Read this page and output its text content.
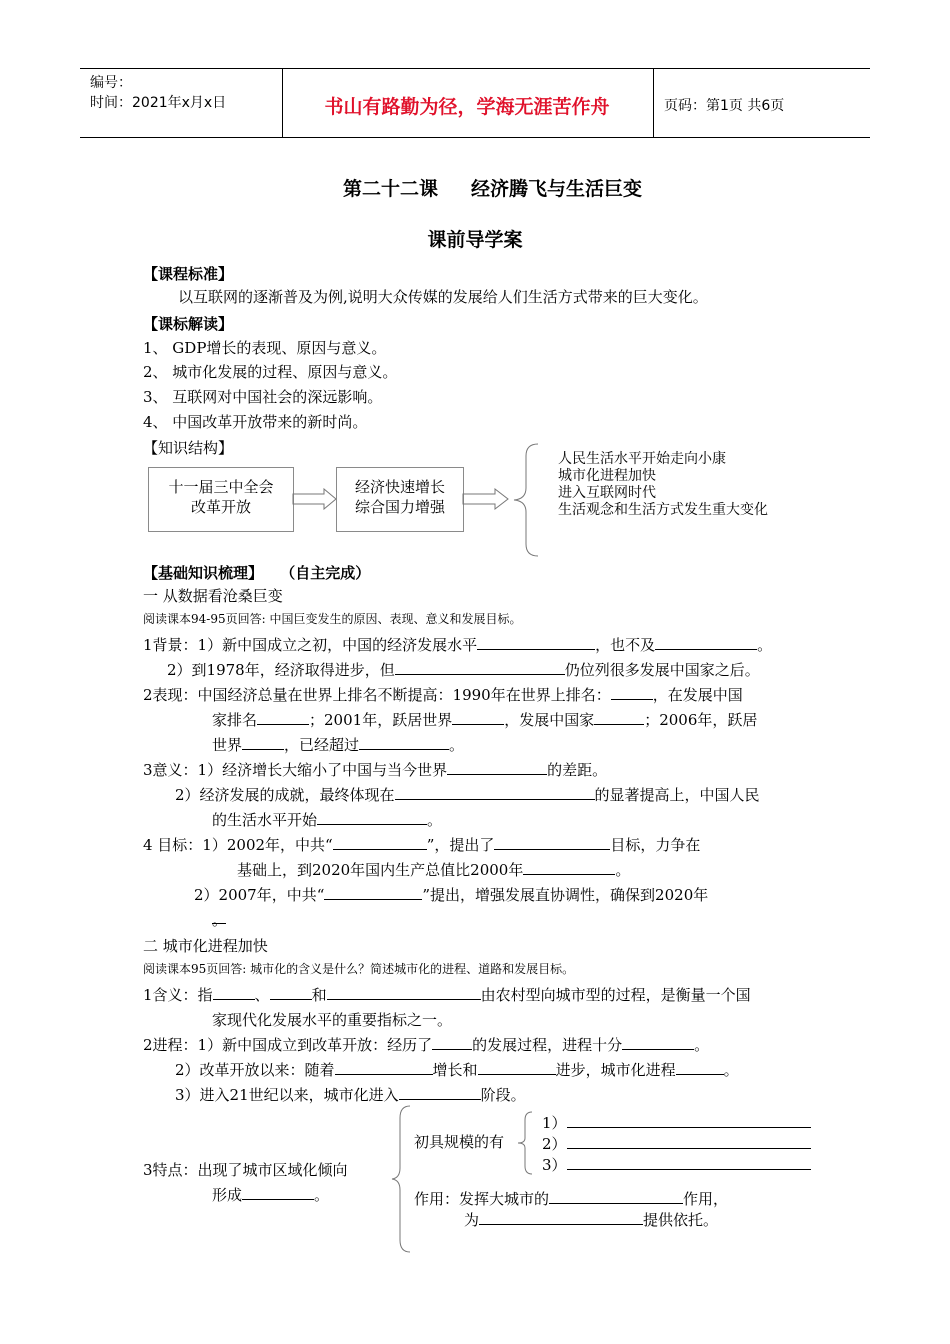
编号：
时间：2021年x月x日	书山有路勤为径，学海无涯苦作舟	页码：第1页 共6页
第二十二课     经济腾飞与生活巨变
课前导学案
【课程标准】
以互联网的逐渐普及为例,说明大众传媒的发展给人们生活方式带来的巨大变化。
【课标解读】
1、 GDP增长的表现、原因与意义。
2、 城市化发展的过程、原因与意义。
3、 互联网对中国社会的深远影响。
4、 中国改革开放带来的新时尚。
【知识结构】
十一届三中全会
改革开放
经济快速增长
综合国力增强
人民生活水平开始走向小康
城市化进程加快
进入互联网时代
生活观念和生活方式发生重大变化
【基础知识梳理】 （自主完成）
一 从数据看沧桑巨变
阅读课本94-95页回答: 中国巨变发生的原因、表现、意义和发展目标。
1背景：1）新中国成立之初，中国的经济发展水平	，也不及	。
2）到1978年，经济取得进步，但	仍位列很多发展中国家之后。
2表现：中国经济总量在世界上排名不断提高：1990年在世界上排名：	，在发展中国
家排名	；2001年，跃居世界	，发展中国家	；2006年，跃居
世界	，已经超过	。
3意义：1）经济增长大缩小了中国与当今世界	的差距。
2）经济发展的成就，最终体现在	的显著提高上，中国人民
的生活水平开始	。
4 目标：1）2002年，中共“	”，提出了	目标，力争在
基础上，到2020年国内生产总值比2000年	。
2）2007年，中共“	”提出，增强发展直协调性，确保到2020年
。
二 城市化进程加快
阅读课本95页回答: 城市化的含义是什么？简述城市化的进程、道路和发展目标。
1含义：指	、	和	由农村型向城市型的过程，是衡量一个国
家现代化发展水平的重要指标之一。
2进程：1）新中国成立到改革开放：经历了	的发展过程，进程十分	。
2）改革开放以来：随着	增长和	进步，城市化进程	。
3）进入21世纪以来，城市化进入	阶段。
3特点：出现了城市区域化倾向
形成	。
初具规模的有
1）
2）
3）
作用：发挥大城市的	作用，
为	提供依托。
